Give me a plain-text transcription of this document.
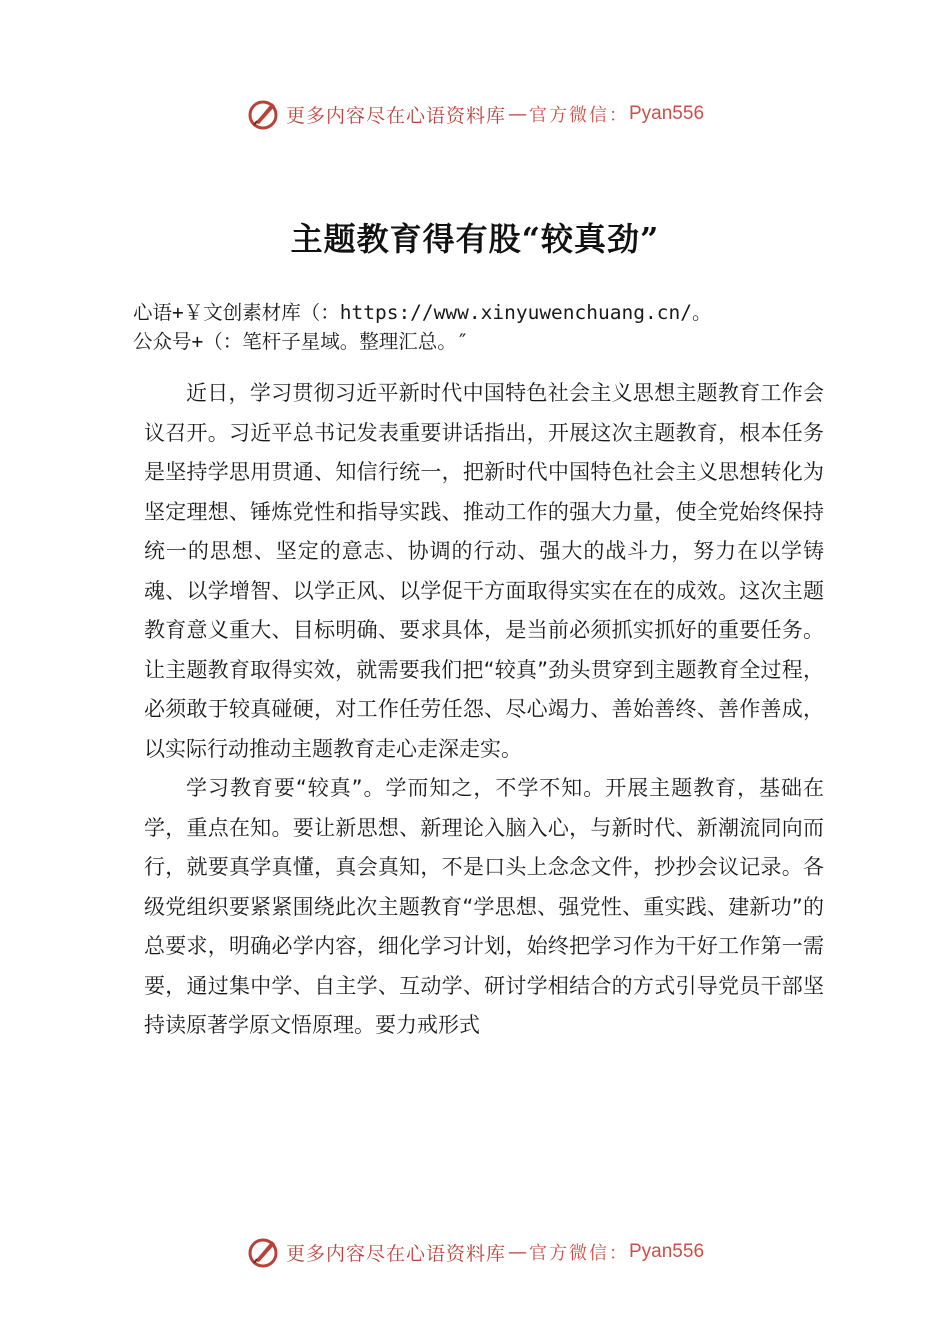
更多内容尽在心语资料库 — 官方微信： Pyan556
主题教育得有股“较真劲”
心语+￥文创素材库（：https://www.xinyuwenchuang.cn/。
公众号+（：笔杆子星域。整理汇总。″

近日，学习贯彻习近平新时代中国特色社会主义思想主题教育工作会议召开。习近平总书记发表重要讲话指出，开展这次主题教育，根本任务是坚持学思用贯通、知信行统一，把新时代中国特色社会主义思想转化为坚定理想、锤炼党性和指导实践、推动工作的强大力量，使全党始终保持统一的思想、坚定的意志、协调的行动、强大的战斗力，努力在以学铸魂、以学增智、以学正风、以学促干方面取得实实在在的成效。这次主题教育意义重大、目标明确、要求具体，是当前必须抓实抓好的重要任务。让主题教育取得实效，就需要我们把“较真”劲头贯穿到主题教育全过程，必须敢于较真碰硬，对工作任劳任怨、尽心竭力、善始善终、善作善成，以实际行动推动主题教育走心走深走实。

学习教育要“较真”。学而知之，不学不知。开展主题教育，基础在学，重点在知。要让新思想、新理论入脑入心，与新时代、新潮流同向而行，就要真学真懂，真会真知，不是口头上念念文件，抄抄会议记录。各级党组织要紧紧围绕此次主题教育“学思想、强党性、重实践、建新功”的总要求，明确必学内容，细化学习计划，始终把学习作为干好工作第一需要，通过集中学、自主学、互动学、研讨学相结合的方式引导党员干部坚持读原著学原文悟原理。要力戒形式

更多内容尽在心语资料库 — 官方微信： Pyan556
